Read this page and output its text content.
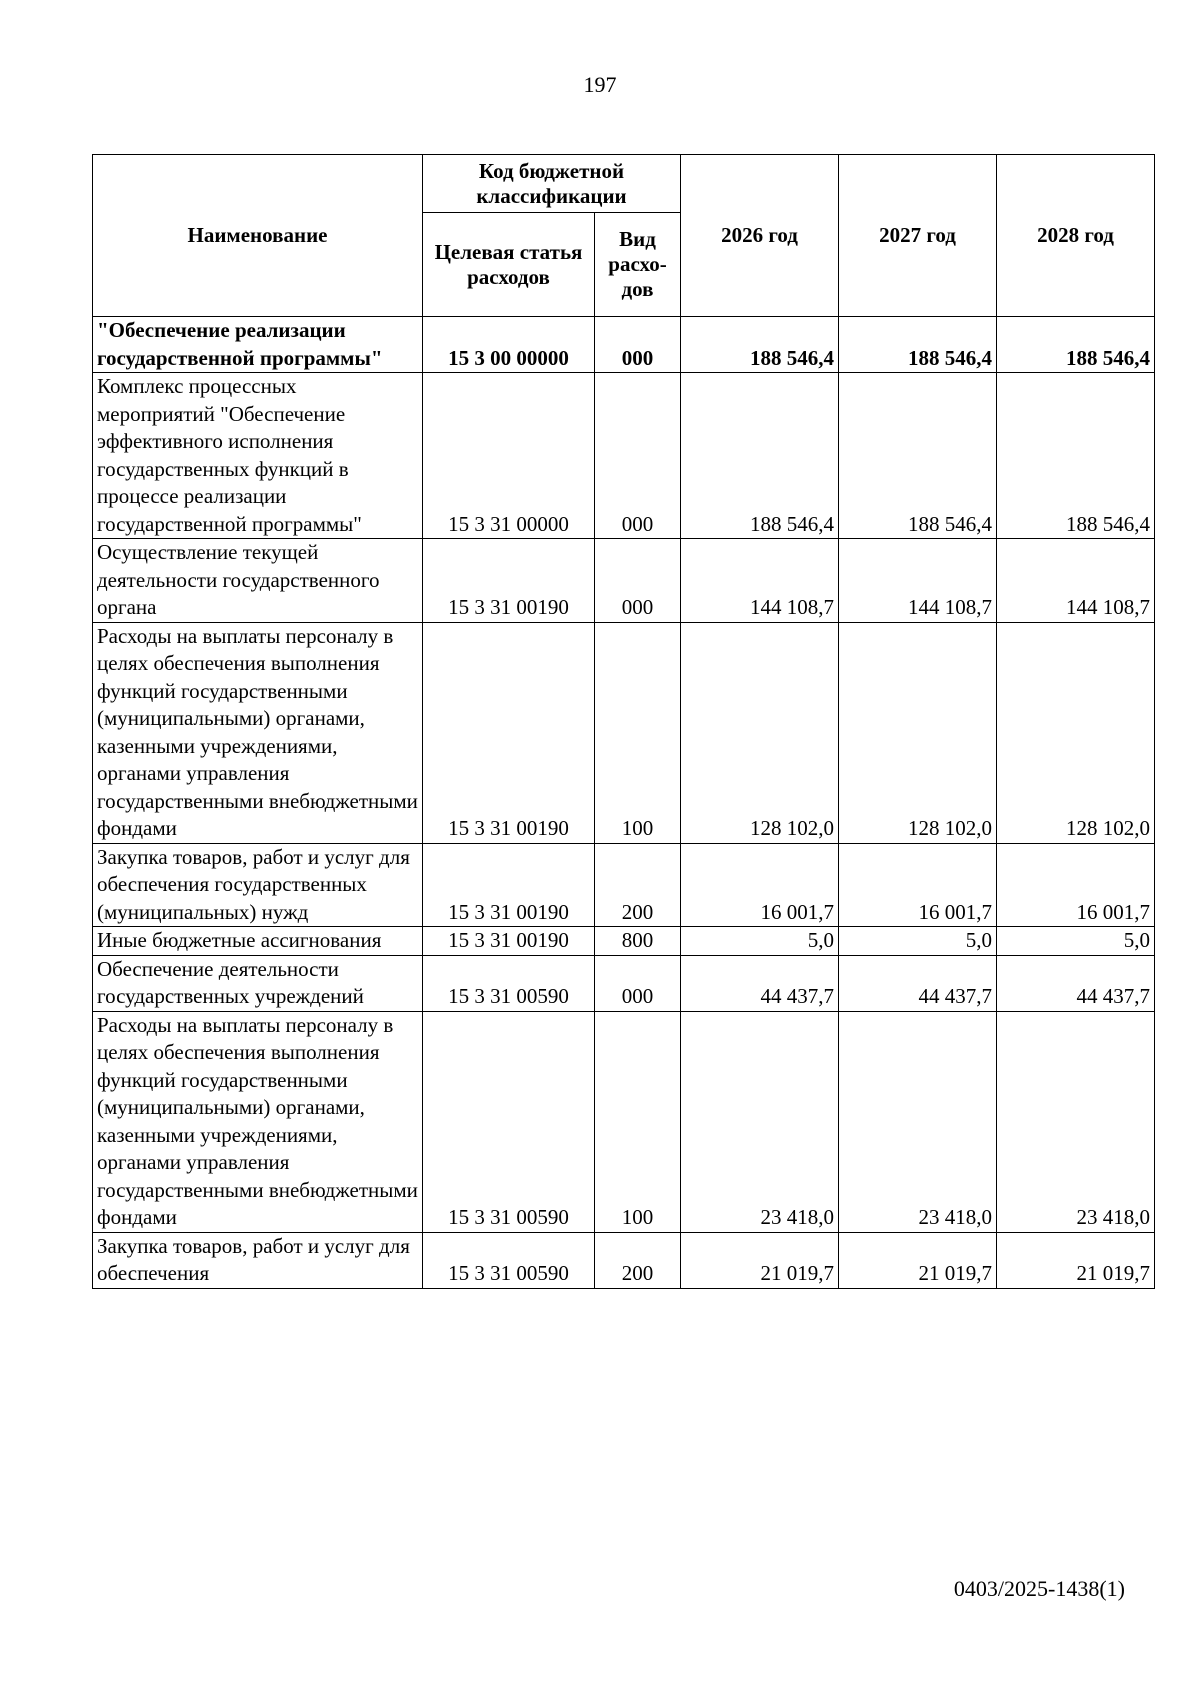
197
Наименование	Код бюджетной классификации		2026 год	2027 год	2028 год
	Целевая статья расходов	Вид расхо-дов			
"Обеспечение реализации государственной программы"	15 3 00 00000	000	188 546,4	188 546,4	188 546,4
Комплекс процессных мероприятий "Обеспечение эффективного исполнения государственных функций в процессе реализации государственной программы"	15 3 31 00000	000	188 546,4	188 546,4	188 546,4
Осуществление текущей деятельности государственного органа	15 3 31 00190	000	144 108,7	144 108,7	144 108,7
Расходы на выплаты персоналу в целях обеспечения выполнения функций государственными (муниципальными) органами, казенными учреждениями, органами управления государственными внебюджетными фондами	15 3 31 00190	100	128 102,0	128 102,0	128 102,0
Закупка товаров, работ и услуг для обеспечения государственных (муниципальных) нужд	15 3 31 00190	200	16 001,7	16 001,7	16 001,7
Иные бюджетные ассигнования	15 3 31 00190	800	5,0	5,0	5,0
Обеспечение деятельности государственных учреждений	15 3 31 00590	000	44 437,7	44 437,7	44 437,7
Расходы на выплаты персоналу в целях обеспечения выполнения функций государственными (муниципальными) органами, казенными учреждениями, органами управления государственными внебюджетными фондами	15 3 31 00590	100	23 418,0	23 418,0	23 418,0
Закупка товаров, работ и услуг для обеспечения	15 3 31 00590	200	21 019,7	21 019,7	21 019,7
0403/2025-1438(1)
